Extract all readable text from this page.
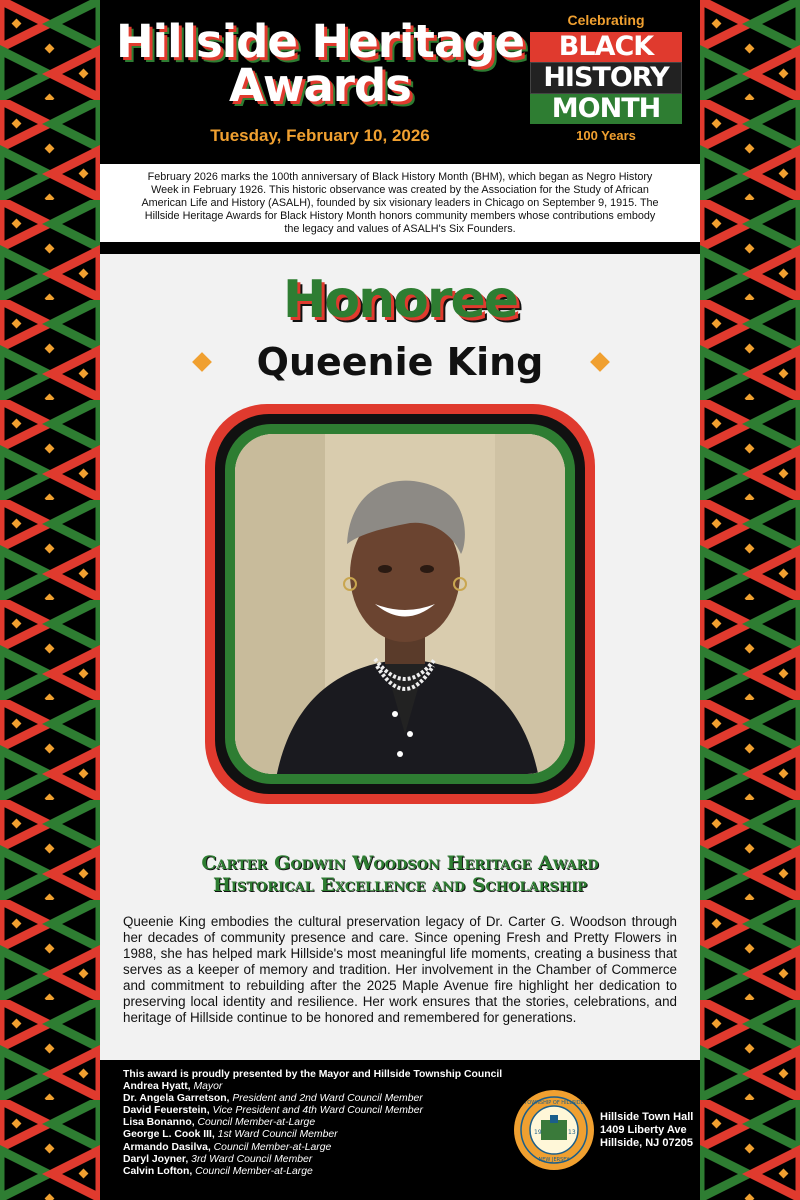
Hillside Heritage
Awards
Tuesday, February 10, 2026
Celebrating
BLACK
HISTORY
MONTH
100 Years
February 2026 marks the 100th anniversary of Black History Month (BHM), which began as Negro History Week in February 1926. This historic observance was created by the Association for the Study of African American Life and History (ASALH), founded by six visionary leaders in Chicago on September 9, 1915. The Hillside Heritage Awards for Black History Month honors community members whose contributions embody the legacy and values of ASALH's Six Founders.
Honoree
Queenie King
Carter Godwin Woodson Heritage Award
Historical Excellence and Scholarship
Queenie King embodies the cultural preservation legacy of Dr. Carter G. Woodson through her decades of community presence and care. Since opening Fresh and Pretty Flowers in 1988, she has helped mark Hillside's most meaningful life moments, creating a business that serves as a keeper of memory and tradition. Her involvement in the Chamber of Commerce and commitment to rebuilding after the 2025 Maple Avenue fire highlight her dedication to preserving local identity and resilience. Her work ensures that the stories, celebrations, and heritage of Hillside continue to be honored and remembered for generations.
This award is proudly presented by the Mayor and Hillside Township Council
Andrea Hyatt, Mayor
Dr. Angela Garretson, President and 2nd Ward Council Member
David Feuerstein, Vice President and 4th Ward Council Member
Lisa Bonanno, Council Member-at-Large
George L. Cook III, 1st Ward Council Member
Armando Dasilva, Council Member-at-Large
Daryl Joyner, 3rd Ward Council Member
Calvin Lofton, Council Member-at-Large
19	13
TOWNSHIP OF HILLSIDE
NEW JERSEY
Hillside Town Hall
1409 Liberty Ave
Hillside, NJ 07205
